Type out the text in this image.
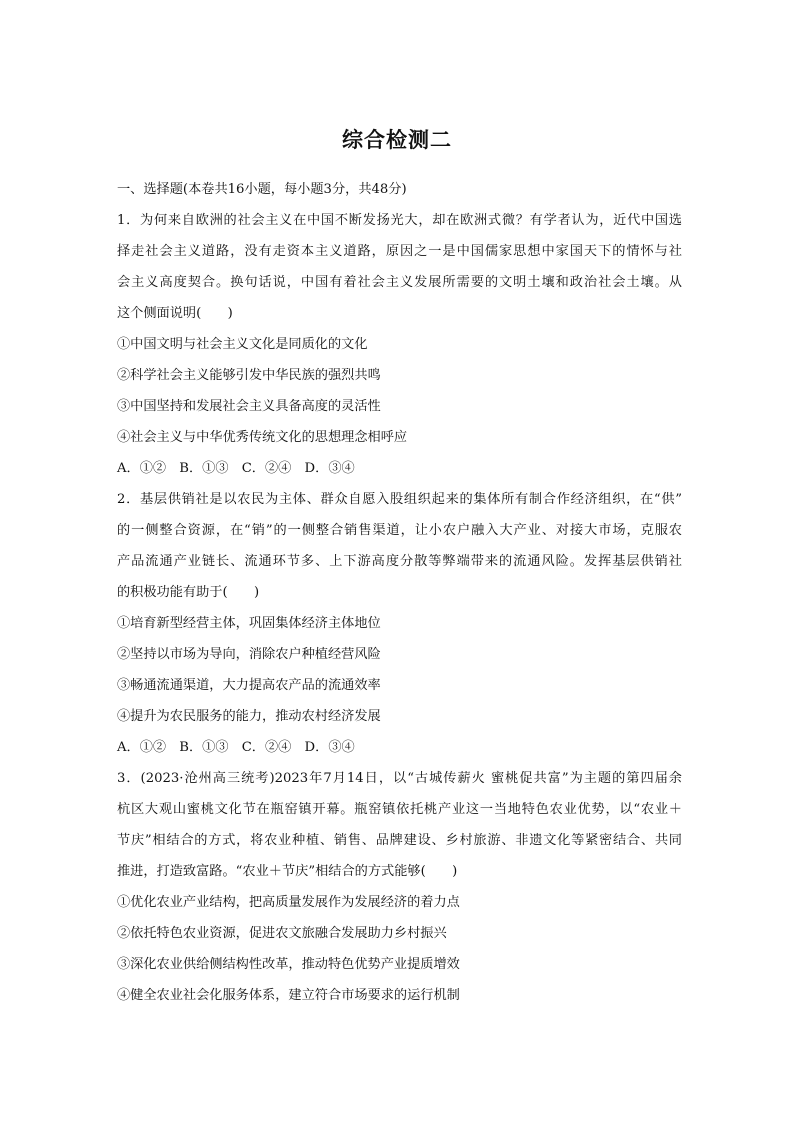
综合检测二
一、选择题(本卷共16小题，每小题3分，共48分)
1．为何来自欧洲的社会主义在中国不断发扬光大，却在欧洲式微？有学者认为，近代中国选
择走社会主义道路，没有走资本主义道路，原因之一是中国儒家思想中家国天下的情怀与社
会主义高度契合。换句话说，中国有着社会主义发展所需要的文明土壤和政治社会土壤。从
这个侧面说明(　　)
①中国文明与社会主义文化是同质化的文化
②科学社会主义能够引发中华民族的强烈共鸣
③中国坚持和发展社会主义具备高度的灵活性
④社会主义与中华优秀传统文化的思想理念相呼应
A．①②　B．①③　C．②④　D．③④
2．基层供销社是以农民为主体、群众自愿入股组织起来的集体所有制合作经济组织，在“供”
的一侧整合资源，在“销”的一侧整合销售渠道，让小农户融入大产业、对接大市场，克服农
产品流通产业链长、流通环节多、上下游高度分散等弊端带来的流通风险。发挥基层供销社
的积极功能有助于(　　)
①培育新型经营主体，巩固集体经济主体地位
②坚持以市场为导向，消除农户种植经营风险
③畅通流通渠道，大力提高农产品的流通效率
④提升为农民服务的能力，推动农村经济发展
A．①②　B．①③　C．②④　D．③④
3．(2023·沧州高三统考)2023年7月14日，以“古城传薪火 蜜桃促共富”为主题的第四届余
杭区大观山蜜桃文化节在瓶窑镇开幕。瓶窑镇依托桃产业这一当地特色农业优势，以“农业＋
节庆”相结合的方式，将农业种植、销售、品牌建设、乡村旅游、非遗文化等紧密结合、共同
推进，打造致富路。“农业＋节庆”相结合的方式能够(　　)
①优化农业产业结构，把高质量发展作为发展经济的着力点
②依托特色农业资源，促进农文旅融合发展助力乡村振兴
③深化农业供给侧结构性改革，推动特色优势产业提质增效
④健全农业社会化服务体系，建立符合市场要求的运行机制
